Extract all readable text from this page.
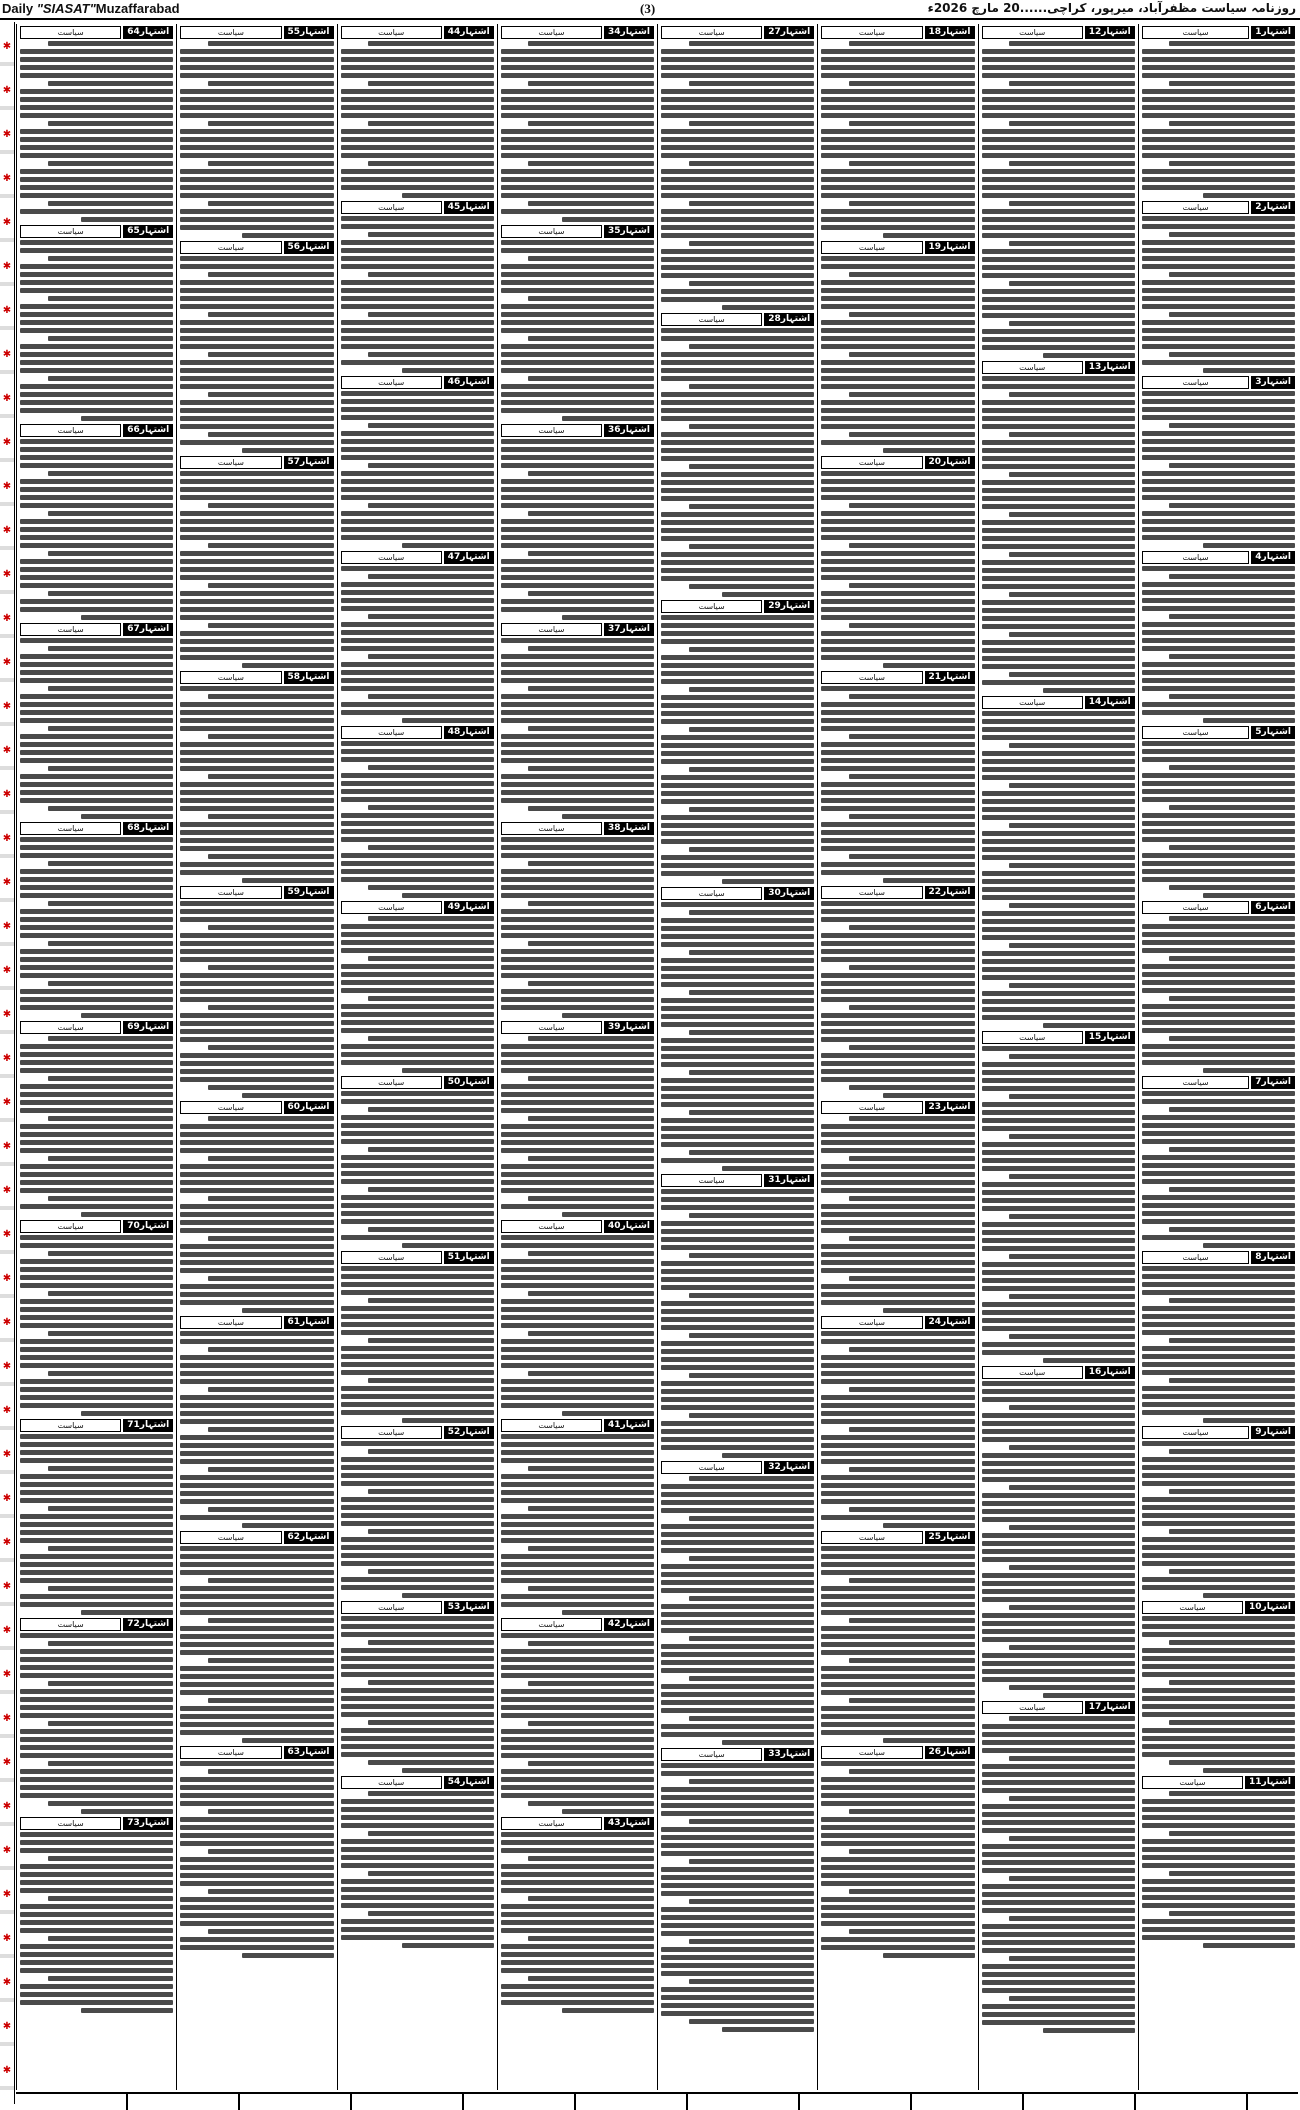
Daily "SIASAT"Muzaffarabad	(3)	روزنامہ سیاست مظفرآباد، میرپور، کراچی......20 مارچ 2026ء
✱
✱
✱
✱
✱
✱
✱
✱
✱
✱
✱
✱
✱
✱
✱
✱
✱
✱
✱
✱
✱
✱
✱
✱
✱
✱
✱
✱
✱
✱
✱
✱
✱
✱
✱
✱
✱
✱
✱
✱
✱
✱
✱
✱
✱
✱
✱
اشتہار1
سیاست
اشتہار2
سیاست
اشتہار3
سیاست
اشتہار4
سیاست
اشتہار5
سیاست
اشتہار6
سیاست
اشتہار7
سیاست
اشتہار8
سیاست
اشتہار9
سیاست
اشتہار10
سیاست
اشتہار11
سیاست
اشتہار12
سیاست
اشتہار13
سیاست
اشتہار14
سیاست
اشتہار15
سیاست
اشتہار16
سیاست
اشتہار17
سیاست
اشتہار18
سیاست
اشتہار19
سیاست
اشتہار20
سیاست
اشتہار21
سیاست
اشتہار22
سیاست
اشتہار23
سیاست
اشتہار24
سیاست
اشتہار25
سیاست
اشتہار26
سیاست
اشتہار27
سیاست
اشتہار28
سیاست
اشتہار29
سیاست
اشتہار30
سیاست
اشتہار31
سیاست
اشتہار32
سیاست
اشتہار33
سیاست
اشتہار34
سیاست
اشتہار35
سیاست
اشتہار36
سیاست
اشتہار37
سیاست
اشتہار38
سیاست
اشتہار39
سیاست
اشتہار40
سیاست
اشتہار41
سیاست
اشتہار42
سیاست
اشتہار43
سیاست
اشتہار44
سیاست
اشتہار45
سیاست
اشتہار46
سیاست
اشتہار47
سیاست
اشتہار48
سیاست
اشتہار49
سیاست
اشتہار50
سیاست
اشتہار51
سیاست
اشتہار52
سیاست
اشتہار53
سیاست
اشتہار54
سیاست
اشتہار55
سیاست
اشتہار56
سیاست
اشتہار57
سیاست
اشتہار58
سیاست
اشتہار59
سیاست
اشتہار60
سیاست
اشتہار61
سیاست
اشتہار62
سیاست
اشتہار63
سیاست
اشتہار64
سیاست
اشتہار65
سیاست
اشتہار66
سیاست
اشتہار67
سیاست
اشتہار68
سیاست
اشتہار69
سیاست
اشتہار70
سیاست
اشتہار71
سیاست
اشتہار72
سیاست
اشتہار73
سیاست
